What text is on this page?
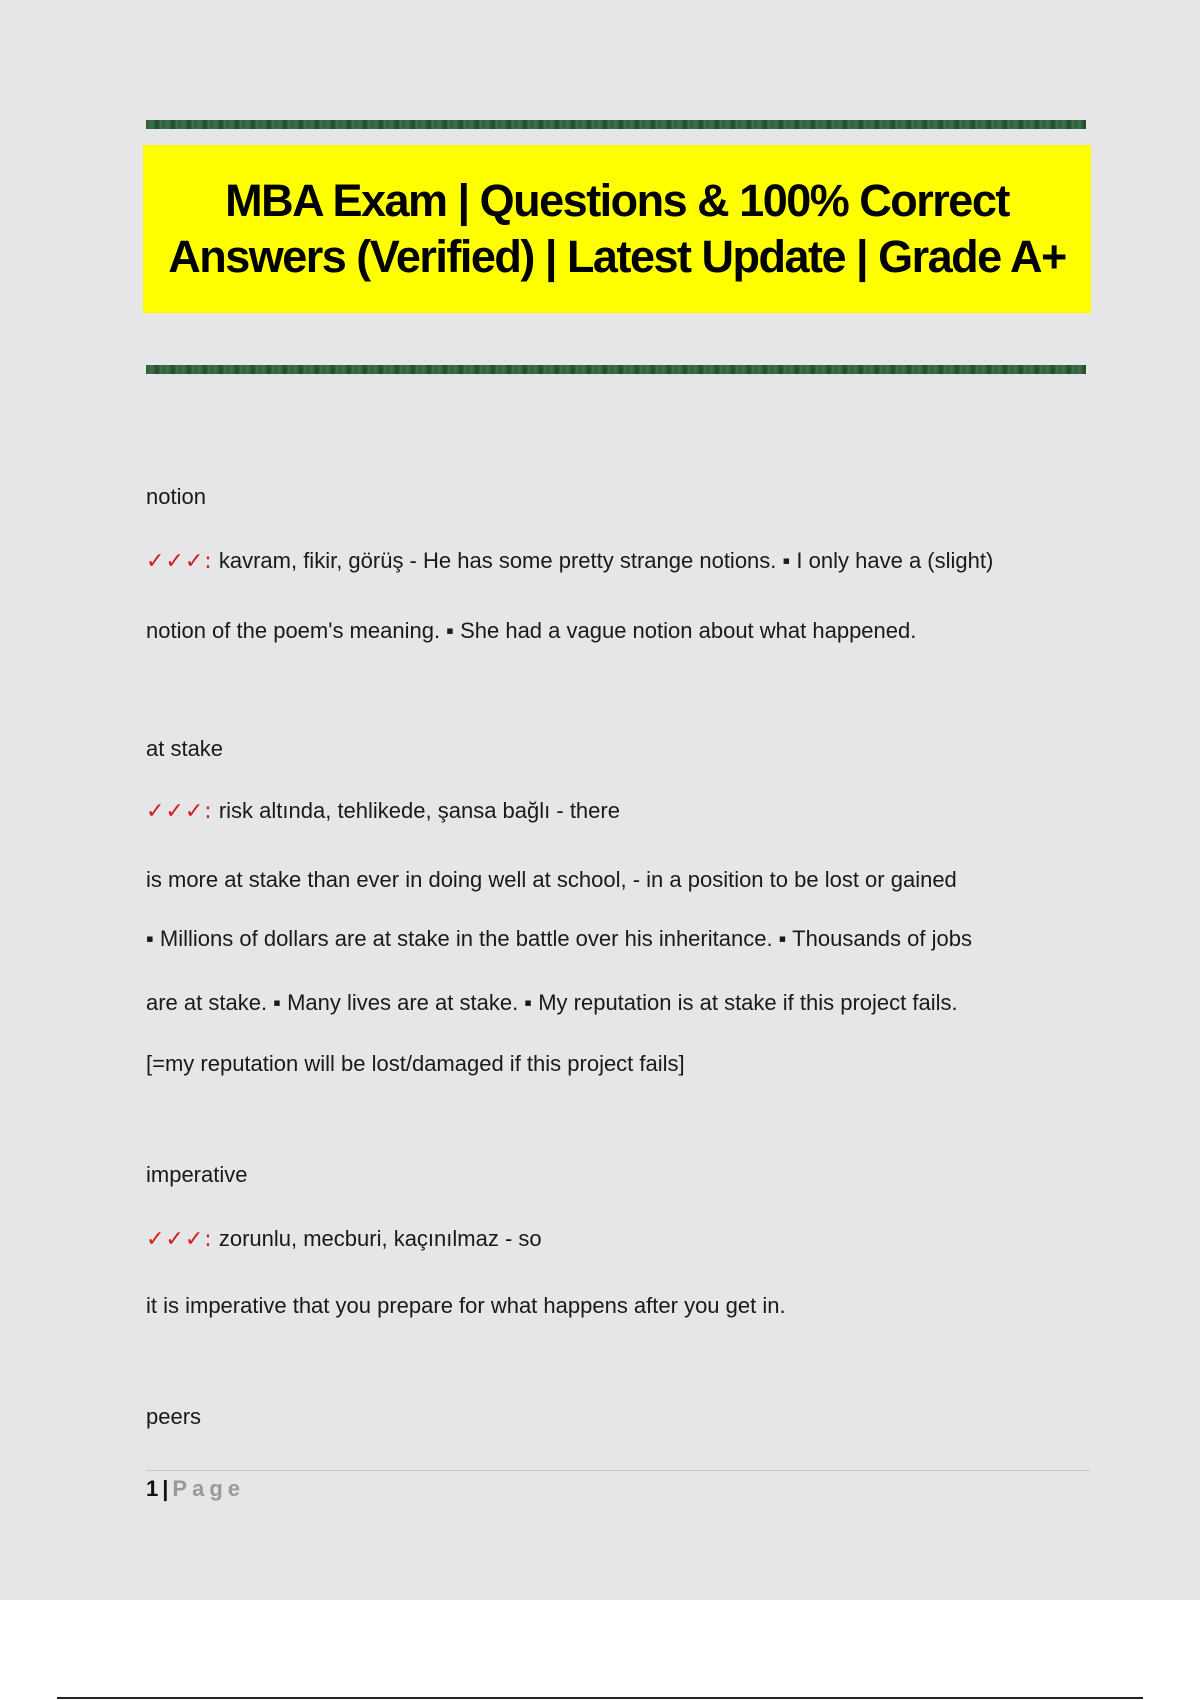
MBA Exam | Questions & 100% Correct Answers (Verified) | Latest Update | Grade A+
notion
✓✓✓: kavram, fikir, görüş - He has some pretty strange notions. ▪ I only have a (slight)
notion of the poem's meaning. ▪ She had a vague notion about what happened.
at stake
✓✓✓: risk altında, tehlikede, şansa bağlı - there
is more at stake than ever in doing well at school, - in a position to be lost or gained
▪ Millions of dollars are at stake in the battle over his inheritance. ▪ Thousands of jobs
are at stake. ▪ Many lives are at stake. ▪ My reputation is at stake if this project fails.
[=my reputation will be lost/damaged if this project fails]
imperative
✓✓✓: zorunlu, mecburi, kaçınılmaz - so
it is imperative that you prepare for what happens after you get in.
peers
1 | Page
